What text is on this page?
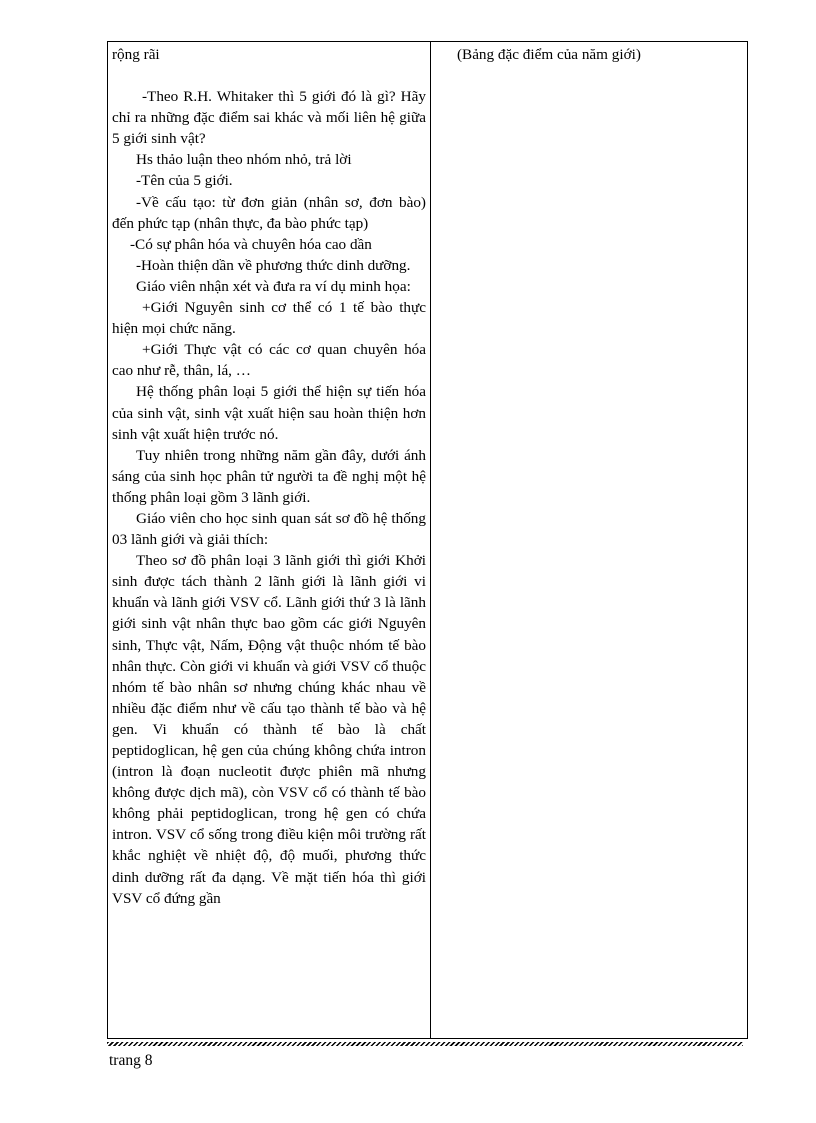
rộng rãi

-Theo R.H. Whitaker thì 5 giới đó là gì? Hãy chỉ ra những đặc điểm sai khác và mối liên hệ giữa 5 giới sinh vật?

Hs thảo luận theo nhóm nhỏ, trả lời

-Tên của 5 giới.

-Về cấu tạo: từ đơn giản (nhân sơ, đơn bào) đến phức tạp (nhân thực, đa bào phức tạp)

-Có sự phân hóa và chuyên hóa cao dần

-Hoàn thiện dần về phương thức dinh dưỡng.

Giáo viên nhận xét và đưa ra ví dụ minh họa:

+Giới Nguyên sinh cơ thể có 1 tế bào thực hiện mọi chức năng.

+Giới Thực vật có các cơ quan chuyên hóa cao như rễ, thân, lá, …

Hệ thống phân loại 5 giới thể hiện sự tiến hóa của sinh vật, sinh vật xuất hiện sau hoàn thiện hơn sinh vật xuất hiện trước nó.

Tuy nhiên trong những năm gần đây, dưới ánh sáng của sinh học phân tử người ta đề nghị một hệ thống phân loại gồm 3 lãnh giới.

Giáo viên cho học sinh quan sát sơ đồ hệ thống 03 lãnh giới và giải thích:

Theo sơ đồ phân loại 3 lãnh giới thì giới Khởi sinh được tách thành 2 lãnh giới là lãnh giới vi khuẩn và lãnh giới VSV cổ. Lãnh giới thứ 3 là lãnh giới sinh vật nhân thực bao gồm các giới Nguyên sinh, Thực vật, Nấm, Động vật thuộc nhóm tế bào nhân thực. Còn giới vi khuẩn và giới VSV cổ thuộc nhóm tế bào nhân sơ nhưng chúng khác nhau về nhiều đặc điểm như về cấu tạo thành tế bào và hệ gen. Vi khuẩn có thành tế bào là chất peptidoglican, hệ gen của chúng không chứa intron (intron là đoạn nucleotit được phiên mã nhưng không được dịch mã), còn VSV cổ có thành tế bào không phải peptidoglican, trong hệ gen có chứa intron. VSV cổ sống trong điều kiện môi trường rất khắc nghiệt về nhiệt độ, độ muối, phương thức dinh dưỡng rất đa dạng. Về mặt tiến hóa thì giới VSV cổ đứng gần

(Bảng đặc điểm của năm giới)

trang 8
